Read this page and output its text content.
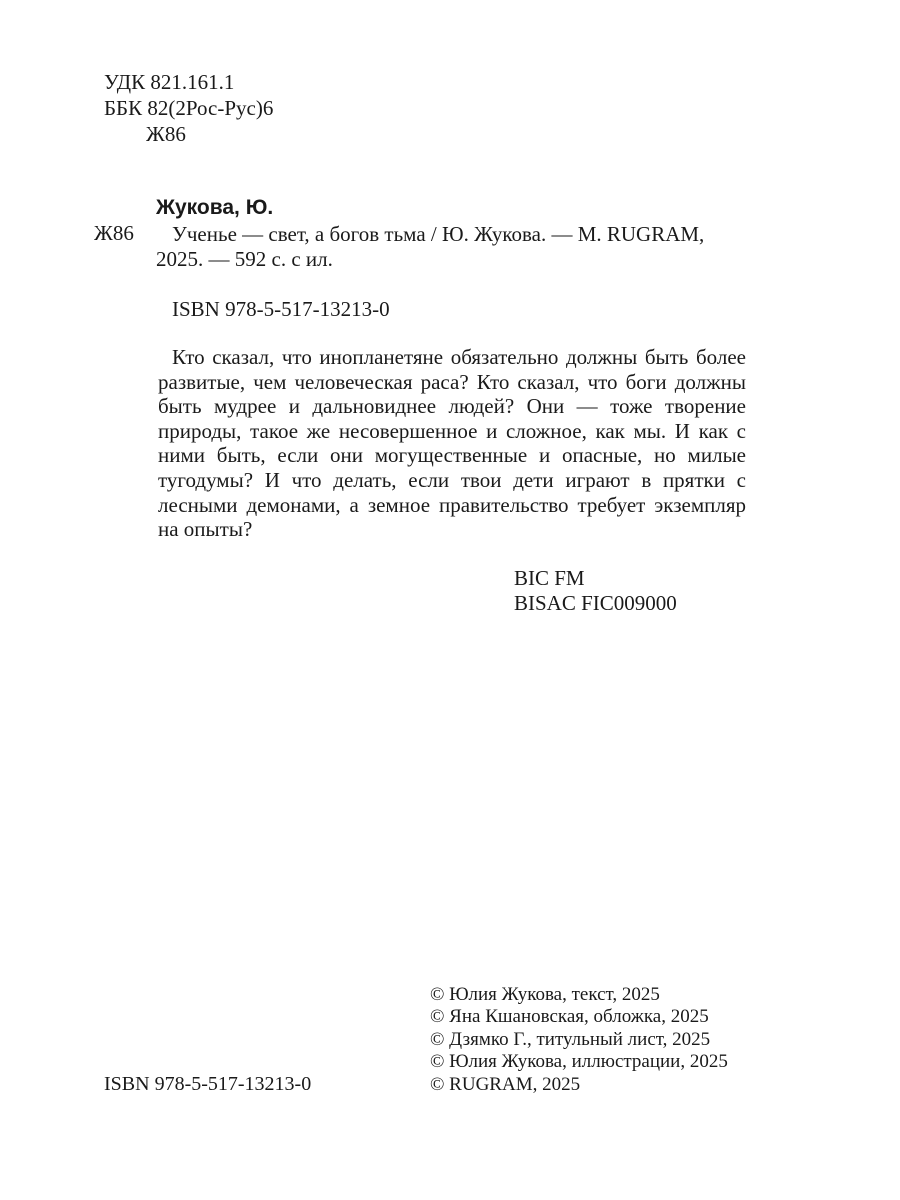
УДК 821.161.1
ББК 82(2Рос-Рус)6
Ж86
Жукова, Ю.
Ж86 Ученье — свет, а богов тьма / Ю. Жукова. — М. RUGRAM,
2025. — 592 с. с ил.
ISBN 978-5-517-13213-0
Кто сказал, что инопланетяне обязательно должны быть более развитые, чем человеческая раса? Кто сказал, что боги должны быть мудрее и дальновиднее людей? Они — тоже творение природы, такое же несовершенное и сложное, как мы. И как с ними быть, если они могущественные и опасные, но милые тугодумы? И что делать, если твои дети играют в прятки с лесными демонами, а земное правительство требует экземпляр на опыты?
BIC FM
BISAC FIC009000
© Юлия Жукова, текст, 2025
© Яна Кшановская, обложка, 2025
© Дзямко Г., титульный лист, 2025
© Юлия Жукова, иллюстрации, 2025
© RUGRAM, 2025
ISBN 978-5-517-13213-0
